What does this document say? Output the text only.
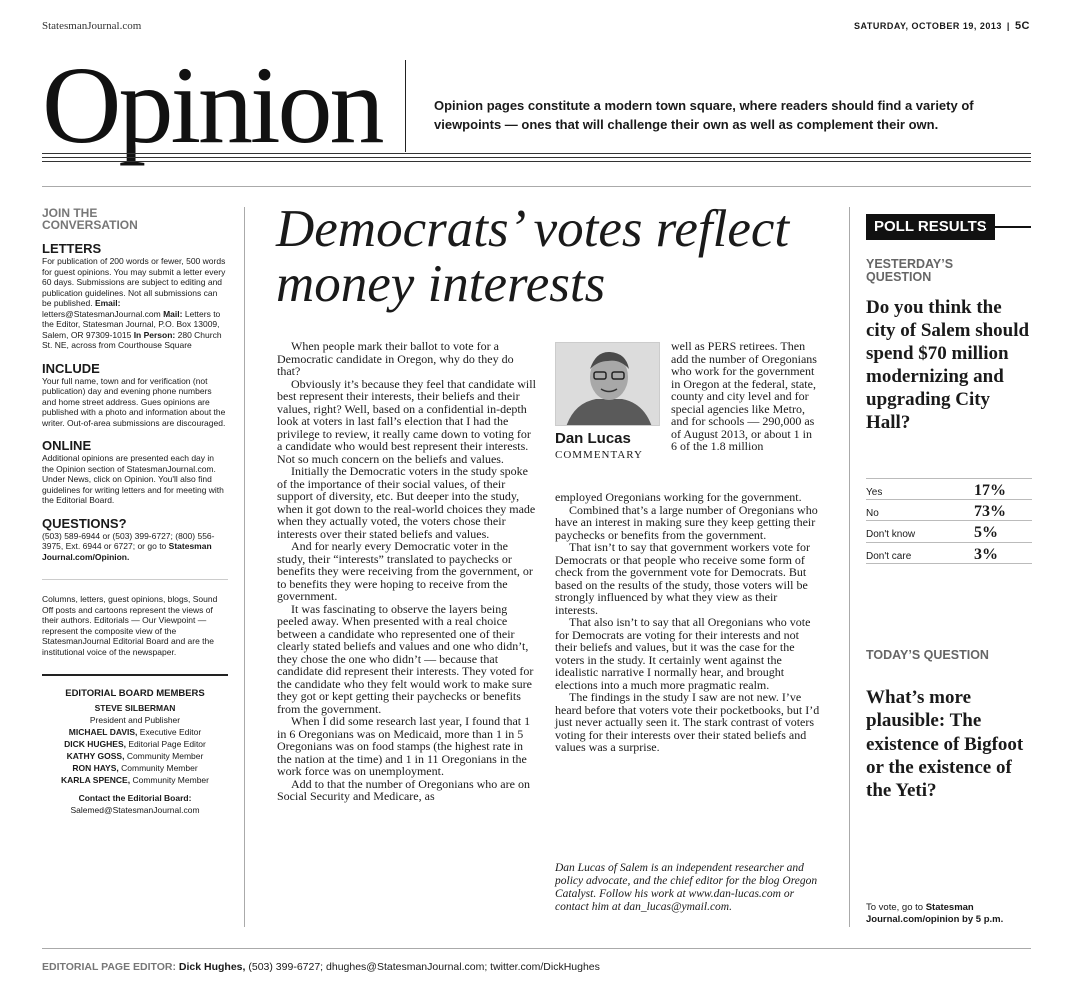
StatesmanJournal.com	SATURDAY, OCTOBER 19, 2013 | 5C
Opinion	Opinion pages constitute a modern town square, where readers should find a variety of viewpoints — ones that will challenge their own as well as complement their own.
JOIN THE
CONVERSATION
LETTERS
For publication of 200 words or fewer, 500 words for guest opinions. You may submit a letter every 60 days. Submissions are subject to editing and publication guidelines. Not all submissions can be published. Email: letters@StatesmanJournal.com Mail: Letters to the Editor, Statesman Journal, P.O. Box 13009, Salem, OR 97309-1015 In Person: 280 Church St. NE, across from Courthouse Square
INCLUDE
Your full name, town and for verification (not publication) day and evening phone numbers and home street address. Gues opinions are published with a photo and information about the writer. Out-of-area submissions are discouraged.
ONLINE
Additional opinions are presented each day in the Opinion section of StatesmanJournal.com. Under News, click on Opinion. You'll also find guidelines for writing letters and for meeting with the Editorial Board.
QUESTIONS?
(503) 589-6944 or (503) 399-6727; (800) 556-3975, Ext. 6944 or 6727; or go to Statesman Journal.com/Opinion.
Columns, letters, guest opinions, blogs, Sound Off posts and cartoons represent the views of their authors. Editorials — Our Viewpoint — represent the composite view of the StatesmanJournal Editorial Board and are the institutional voice of the newspaper.
EDITORIAL BOARD MEMBERS
STEVE SILBERMAN
President and Publisher
MICHAEL DAVIS, Executive Editor
DICK HUGHES, Editorial Page Editor
KATHY GOSS, Community Member
RON HAYS, Community Member
KARLA SPENCE, Community Member
Contact the Editorial Board:
Salemed@StatesmanJournal.com
Democrats’ votes reflect money interests

When people mark their ballot to vote for a Democratic candidate in Oregon, why do they do that?

Obviously it’s because they feel that candidate will best represent their interests, their beliefs and their values, right? Well, based on a confidential in-depth look at voters in last fall’s election that I had the privilege to review, it really came down to voting for a candidate who would best represent their interests. Not so much concern on the beliefs and values.

Initially the Democratic voters in the study spoke of the importance of their social values, of their support of diversity, etc. But deeper into the study, when it got down to the real-world choices they made when they actually voted, the voters chose their interests over their stated beliefs and values.

And for nearly every Democratic voter in the study, their “interests” translated to paychecks or benefits they were receiving from the government, or to benefits they were hoping to receive from the government.

It was fascinating to observe the layers being peeled away. When presented with a real choice between a candidate who represented one of their clearly stated beliefs and values and one who didn’t, they chose the one who didn’t — because that candidate did represent their interests. They voted for the candidate who they felt would work to make sure they got or kept getting their paychecks or benefits from the government.

When I did some research last year, I found that 1 in 6 Oregonians was on Medicaid, more than 1 in 5 Oregonians was on food stamps (the highest rate in the nation at the time) and 1 in 11 Oregonians in the work force was on unemployment.

Add to that the number of Oregonians who are on Social Security and Medicare, as

Dan Lucas
COMMENTARY
well as PERS retirees. Then add the number of Oregonians who work for the government in Oregon at the federal, state, county and city level and for special agencies like Metro, and for schools — 290,000 as of August 2013, or about 1 in 6 of the 1.8 million
employed Oregonians working for the government.

Combined that’s a large number of Oregonians who have an interest in making sure they keep getting their paychecks or benefits from the government.

That isn’t to say that government workers vote for Democrats or that people who receive some form of check from the government vote for Democrats. But based on the results of the study, those voters will be strongly influenced by what they view as their interests.

That also isn’t to say that all Oregonians who vote for Democrats are voting for their interests and not their beliefs and values, but it was the case for the voters in the study. It certainly went against the idealistic narrative I normally hear, and brought elections into a much more pragmatic realm.

The findings in the study I saw are not new. I’ve heard before that voters vote their pocketbooks, but I’d just never actually seen it. The stark contrast of voters voting for their interests over their stated beliefs and values was a surprise.

Dan Lucas of Salem is an independent researcher and policy advocate, and the chief editor for the blog Oregon Catalyst. Follow his work at www.dan-lucas.com or contact him at dan_lucas@ymail.com.
POLL RESULTS
YESTERDAY’S
QUESTION
Do you think the city of Salem should spend $70 million modernizing and upgrading City Hall?
Yes	17%
No	73%
Don't know	5%
Don't care	3%
TODAY’S QUESTION
What’s more plausible: The existence of Bigfoot or the existence of the Yeti?
To vote, go to Statesman Journal.com/opinion by 5 p.m.
EDITORIAL PAGE EDITOR: Dick Hughes, (503) 399-6727; dhughes@StatesmanJournal.com; twitter.com/DickHughes
